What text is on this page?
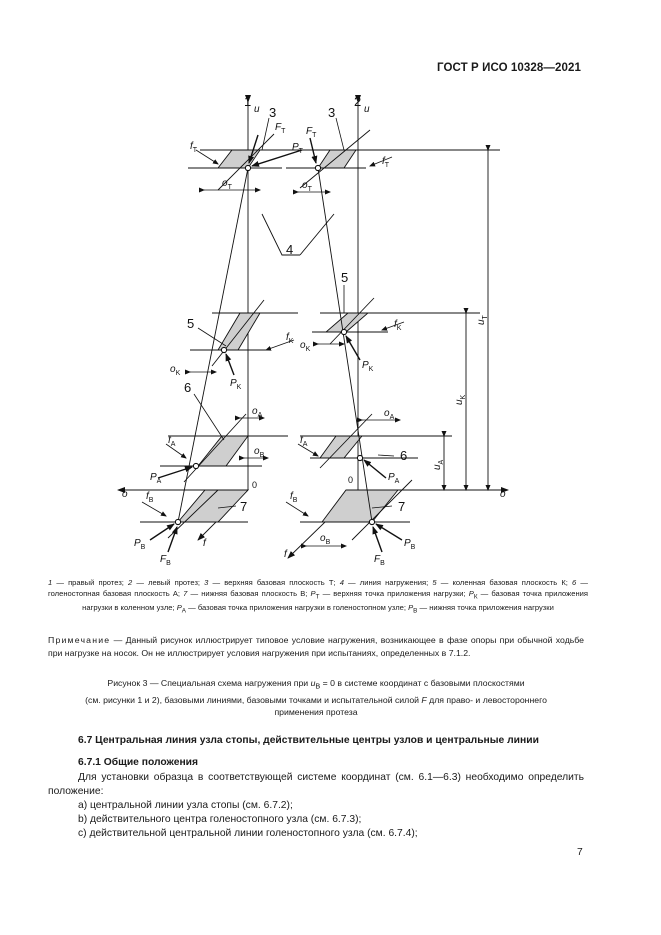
ГОСТ Р ИСО 10328—2021
1
u
2
u
o	o
f
f
0	0
3	3
4
5
5
6
6
7	7
$F_T$
$P_T$
$F_T$
$f_T$
$o_T$	$o_T$
$f_T$
$f_K$
$o_K$
$P_K$
$f_K$
$o_K$
$P_K$
$o_A$
$f_A$
$P_A$
$o_B$
$o_A$
$f_A$
$u_A$
$u_K$
$u_T$
$P_A$
$f_B$
$P_B$
$F_B$
$f_B$
$o_B$	$P_B$
$F_B$
1 — правый протез; 2 — левый протез; 3 — верхняя базовая плоскость Т; 4 — линия нагружения; 5 — коленная базовая плоскость К; 6 — голеностопная базовая плоскость А; 7 — нижняя базовая плоскость В; $P_Т$ — верхняя точка приложения нагрузки; $P_К$ — базовая точка приложения нагрузки в коленном узле; $P_А$ — базовая точка приложения нагрузки в голеностопном узле; $P_В$ — нижняя точка приложения нагрузки
Примечание — Данный рисунок иллюстрирует типовое условие нагружения, возникающее в фазе опоры при обычной ходьбе при нагрузке на носок. Он не иллюстрирует условия нагружения при испытаниях, определенных в 7.1.2.
Рисунок 3 — Специальная схема нагружения при $u_B = 0$ в системе координат с базовыми плоскостями
(см. рисунки 1 и 2), базовыми линиями, базовыми точками и испытательной силой F для право- и левостороннего
применения протеза
6.7 Центральная линия узла стопы, действительные центры узлов и центральные линии
6.7.1 Общие положения
Для установки образца в соответствующей системе координат (см. 6.1—6.3) необходимо определить положение:
a) центральной линии узла стопы (см. 6.7.2);
b) действительного центра голеностопного узла (см. 6.7.3);
c) действительной центральной линии голеностопного узла (см. 6.7.4);
7
